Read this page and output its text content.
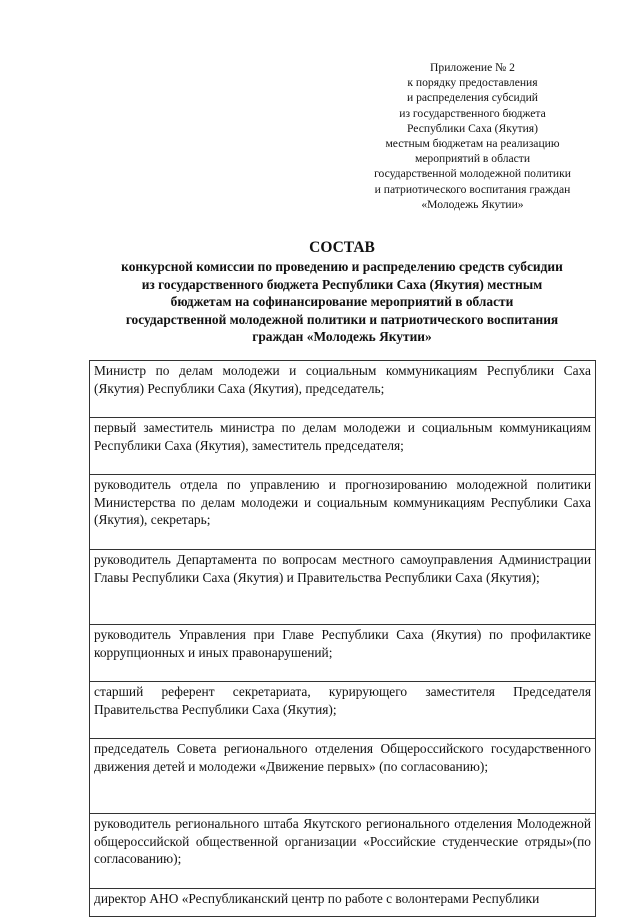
Приложение № 2
к порядку предоставления
и распределения субсидий
из государственного бюджета
Республики Саха (Якутия)
местным бюджетам на реализацию
мероприятий в области
государственной молодежной политики
и патриотического воспитания граждан
«Молодежь Якутии»
СОСТАВ
конкурсной комиссии по проведению и распределению средств субсидии
из государственного бюджета Республики Саха (Якутия) местным
бюджетам на софинансирование мероприятий в области
государственной молодежной политики и патриотического воспитания
граждан «Молодежь Якутии»
Министр по делам молодежи и социальным коммуникациям Республики Саха (Якутия) Республики Саха (Якутия), председатель;
первый заместитель министра по делам молодежи и социальным коммуникациям Республики Саха (Якутия), заместитель председателя;
руководитель отдела по управлению и прогнозированию молодежной политики Министерства по делам молодежи и социальным коммуникациям Республики Саха (Якутия), секретарь;
руководитель Департамента по вопросам местного самоуправления Администрации Главы Республики Саха (Якутия) и Правительства Республики Саха (Якутия);
руководитель Управления при Главе Республики Саха (Якутия) по профилактике коррупционных и иных правонарушений;
старший референт секретариата, курирующего заместителя Председателя Правительства Республики Саха (Якутия);
председатель Совета регионального отделения Общероссийского государственного движения детей и молодежи «Движение первых» (по согласованию);
руководитель регионального штаба Якутского регионального отделения Молодежной общероссийской общественной организации «Российские студенческие отряды»(по согласованию);
директор АНО «Республиканский центр по работе с волонтерами Республики
